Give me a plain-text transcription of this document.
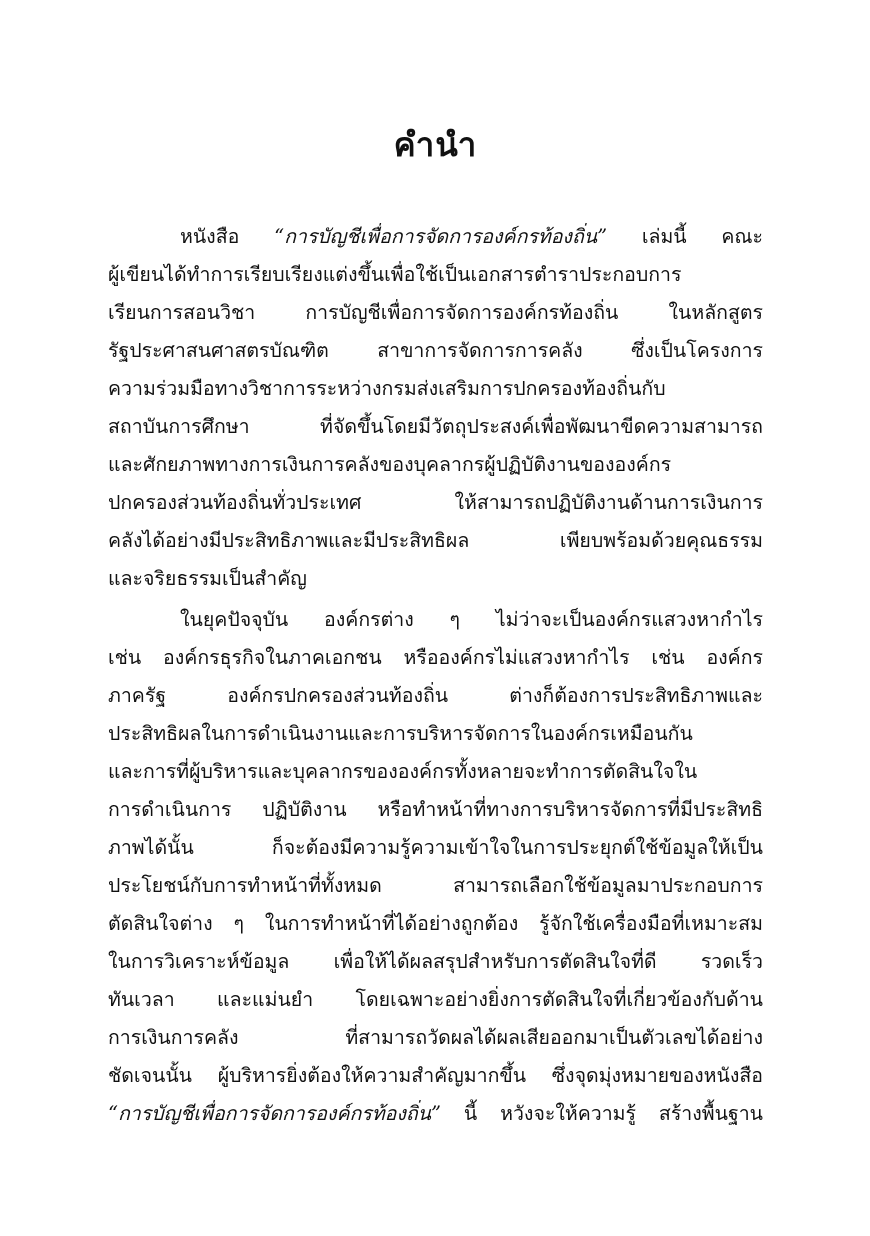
คำนำ
หนังสือ “การบัญชีเพื่อการจัดการองค์กรท้องถิ่น” เล่มนี้ คณะ
ผู้เขียนได้ทำการเรียบเรียงแต่งขึ้นเพื่อใช้เป็นเอกสารตำราประกอบการ
เรียนการสอนวิชา การบัญชีเพื่อการจัดการองค์กรท้องถิ่น ในหลักสูตร
รัฐประศาสนศาสตรบัณฑิต สาขาการจัดการการคลัง ซึ่งเป็นโครงการ
ความร่วมมือทางวิชาการระหว่างกรมส่งเสริมการปกครองท้องถิ่นกับ
สถาบันการศึกษา ที่จัดขึ้นโดยมีวัตถุประสงค์เพื่อพัฒนาขีดความสามารถ
และศักยภาพทางการเงินการคลังของบุคลากรผู้ปฏิบัติงานขององค์กร
ปกครองส่วนท้องถิ่นทั่วประเทศ ให้สามารถปฏิบัติงานด้านการเงินการ
คลังได้อย่างมีประสิทธิภาพและมีประสิทธิผล เพียบพร้อมด้วยคุณธรรม
และจริยธรรมเป็นสำคัญ
ในยุคปัจจุบัน องค์กรต่าง ๆ ไม่ว่าจะเป็นองค์กรแสวงหากำไร
เช่น องค์กรธุรกิจในภาคเอกชน หรือองค์กรไม่แสวงหากำไร เช่น องค์กร
ภาครัฐ องค์กรปกครองส่วนท้องถิ่น ต่างก็ต้องการประสิทธิภาพและ
ประสิทธิผลในการดำเนินงานและการบริหารจัดการในองค์กรเหมือนกัน
และการที่ผู้บริหารและบุคลากรขององค์กรทั้งหลายจะทำการตัดสินใจใน
การดำเนินการ ปฏิบัติงาน หรือทำหน้าที่ทางการบริหารจัดการที่มีประสิทธิ
ภาพได้นั้น ก็จะต้องมีความรู้ความเข้าใจในการประยุกต์ใช้ข้อมูลให้เป็น
ประโยชน์กับการทำหน้าที่ทั้งหมด สามารถเลือกใช้ข้อมูลมาประกอบการ
ตัดสินใจต่าง ๆ ในการทำหน้าที่ได้อย่างถูกต้อง รู้จักใช้เครื่องมือที่เหมาะสม
ในการวิเคราะห์ข้อมูล เพื่อให้ได้ผลสรุปสำหรับการตัดสินใจที่ดี รวดเร็ว
ทันเวลา และแม่นยำ โดยเฉพาะอย่างยิ่งการตัดสินใจที่เกี่ยวข้องกับด้าน
การเงินการคลัง ที่สามารถวัดผลได้ผลเสียออกมาเป็นตัวเลขได้อย่าง
ชัดเจนนั้น ผู้บริหารยิ่งต้องให้ความสำคัญมากขึ้น ซึ่งจุดมุ่งหมายของหนังสือ
“การบัญชีเพื่อการจัดการองค์กรท้องถิ่น” นี้ หวังจะให้ความรู้ สร้างพื้นฐาน
